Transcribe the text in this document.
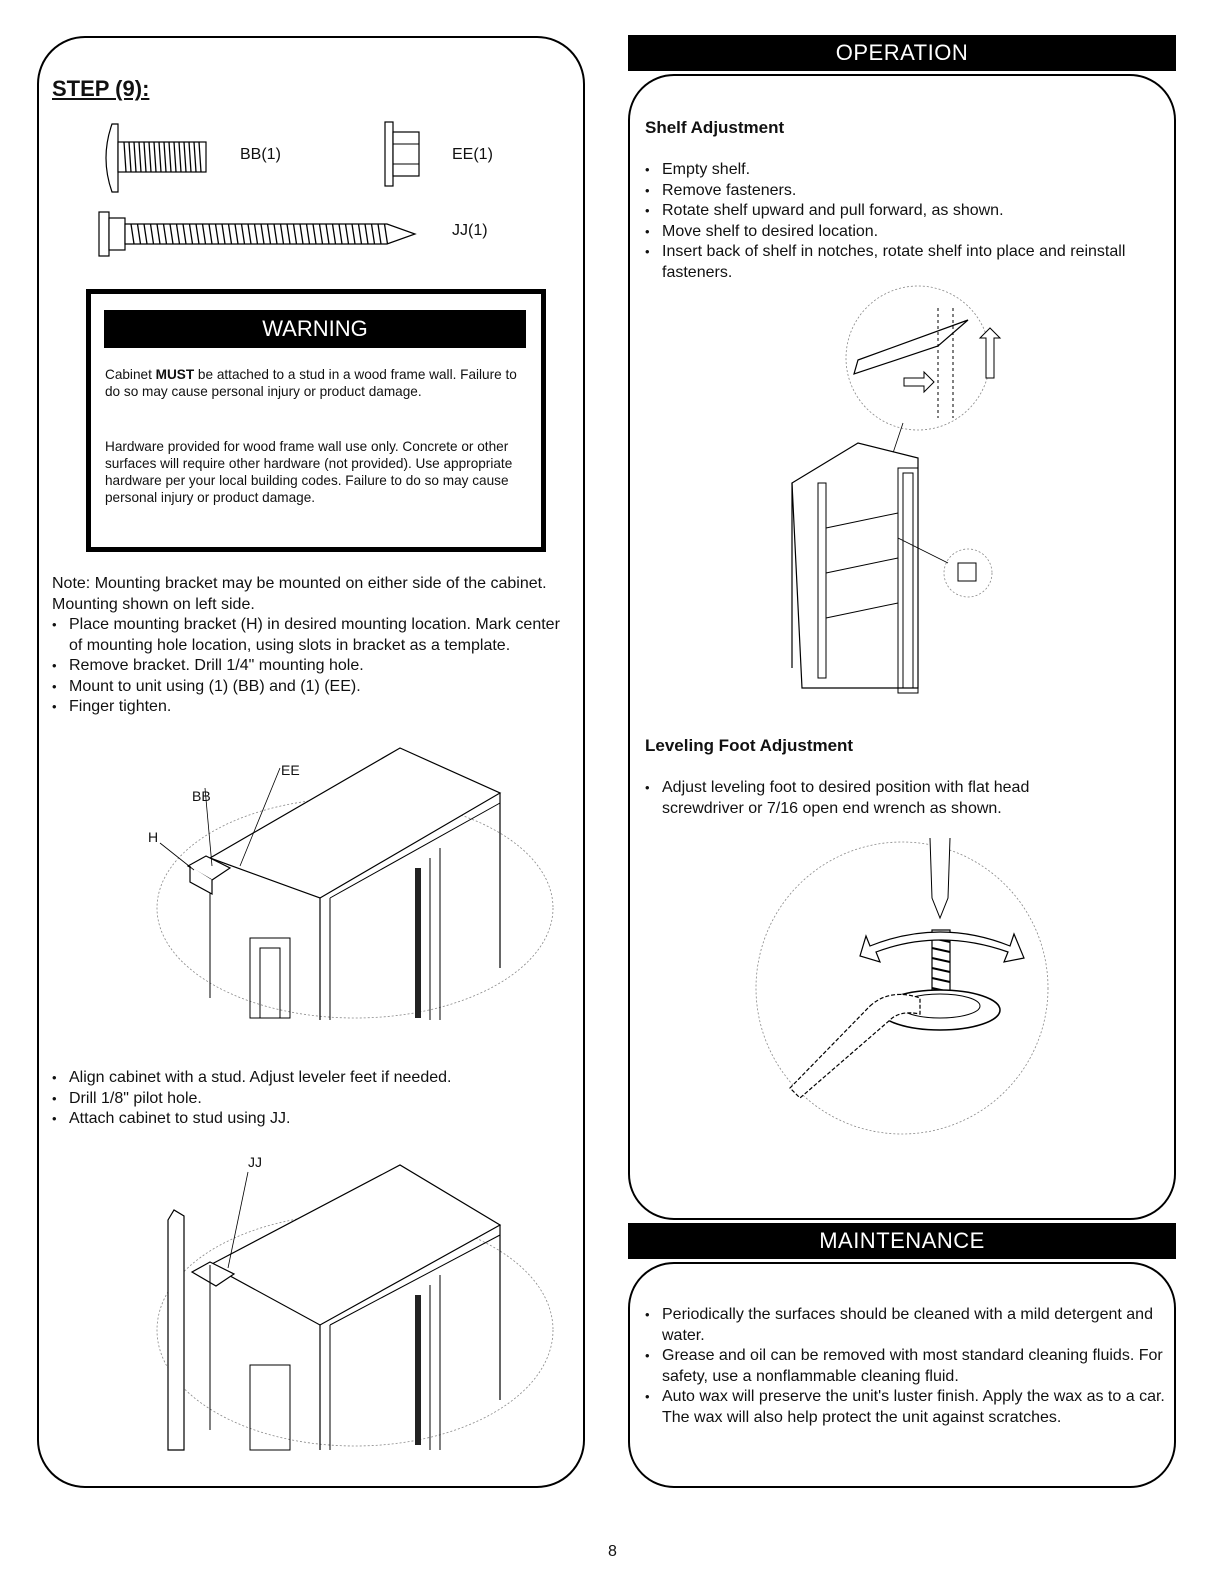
OPERATION
MAINTENANCE
STEP (9):
BB(1)	EE(1)
JJ(1)
WARNING

Cabinet MUST be attached to a stud in a wood frame wall. Failure to do so may cause personal injury or product damage.

Hardware provided for wood frame wall use only. Concrete or other surfaces will require other hardware (not provided). Use appropriate hardware per your local building codes. Failure to do so may cause personal injury or product damage.

Note: Mounting bracket may be mounted on either side of the cabinet. Mounting shown on left side.

• Place mounting bracket (H) in desired mounting location. Mark center of mounting hole location, using slots in bracket as a template.
• Remove bracket. Drill 1/4" mounting hole.
• Mount to unit using (1) (BB) and (1) (EE).
• Finger tighten.
EE
BB
H
• Align cabinet with a stud. Adjust leveler feet if needed.
• Drill 1/8" pilot hole.
• Attach cabinet to stud using JJ.
JJ
Shelf Adjustment
• Empty shelf.
• Remove fasteners.
• Rotate shelf upward and pull forward, as shown.
• Move shelf to desired location.
• Insert back of shelf in notches, rotate shelf into place and reinstall fasteners.
Leveling Foot Adjustment
• Adjust leveling foot to desired position with flat head screwdriver or 7/16 open end wrench as shown.
• Periodically the surfaces should be cleaned with a mild detergent and water.
• Grease and oil can be removed with most standard cleaning fluids. For safety, use a nonflammable cleaning fluid.
• Auto wax will preserve the unit's luster finish. Apply the wax as to a car. The wax will also help protect the unit against scratches.
8
